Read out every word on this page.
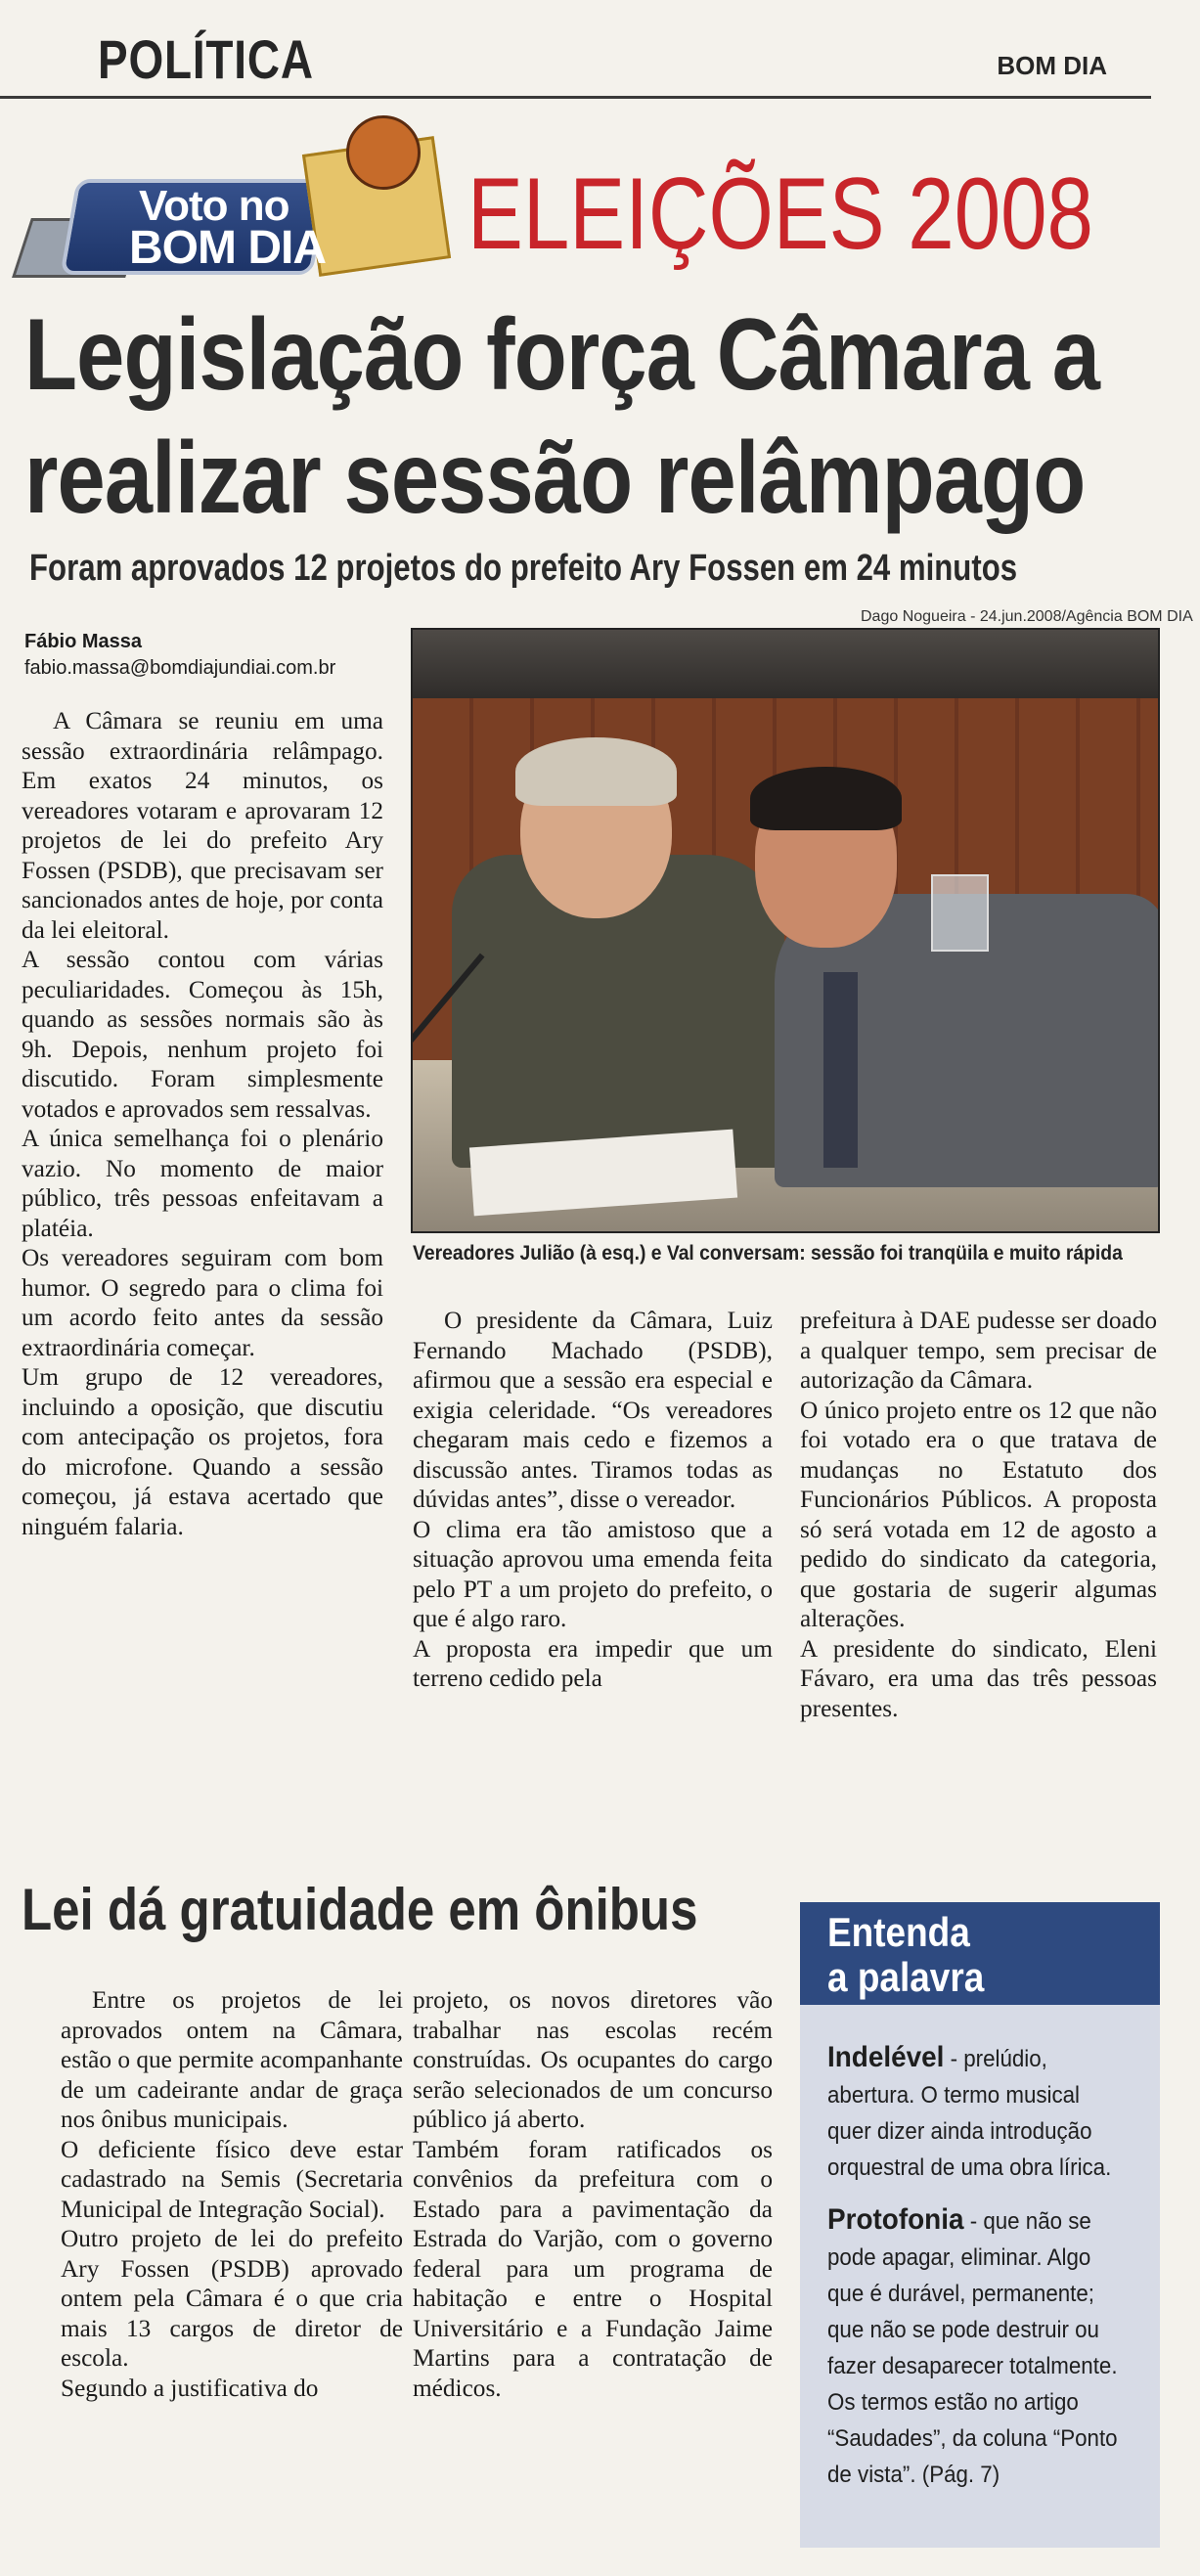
POLÍTICA	BOM DIA
Voto no
BOM DIA ELEIÇÕES 2008
Legislação força Câmara a realizar sessão relâmpago
Foram aprovados 12 projetos do prefeito Ary Fossen em 24 minutos
Dago Nogueira - 24.jun.2008/Agência BOM DIA
Fábio Massa
fabio.massa@bomdiajundiai.com.br
Vereadores Julião (à esq.) e Val conversam: sessão foi tranqüila e muito rápida

A Câmara se reuniu em uma sessão extraordinária relâmpago. Em exatos 24 minutos, os vereadores votaram e aprovaram 12 projetos de lei do prefeito Ary Fossen (PSDB), que precisavam ser sancionados antes de hoje, por conta da lei eleitoral.

A sessão contou com várias peculiaridades. Começou às 15h, quando as sessões normais são às 9h. Depois, nenhum projeto foi discutido. Foram simplesmente votados e aprovados sem ressalvas.

A única semelhança foi o plenário vazio. No momento de maior público, três pessoas enfeitavam a platéia.

Os vereadores seguiram com bom humor. O segredo para o clima foi um acordo feito antes da sessão extraordinária começar.

Um grupo de 12 vereadores, incluindo a oposição, que discutiu com antecipação os projetos, fora do microfone. Quando a sessão começou, já estava acertado que ninguém falaria.

O presidente da Câmara, Luiz Fernando Machado (PSDB), afirmou que a sessão era especial e exigia celeridade. “Os vereadores chegaram mais cedo e fizemos a discussão antes. Tiramos todas as dúvidas antes”, disse o vereador.

O clima era tão amistoso que a situação aprovou uma emenda feita pelo PT a um projeto do prefeito, o que é algo raro.

A proposta era impedir que um terreno cedido pela

prefeitura à DAE pudesse ser doado a qualquer tempo, sem precisar de autorização da Câmara.

O único projeto entre os 12 que não foi votado era o que tratava de mudanças no Estatuto dos Funcionários Públicos. A proposta só será votada em 12 de agosto a pedido do sindicato da categoria, que gostaria de sugerir algumas alterações.

A presidente do sindicato, Eleni Fávaro, era uma das três pessoas presentes.

Lei dá gratuidade em ônibus

Entre os projetos de lei aprovados ontem na Câmara, estão o que permite acompanhante de um cadeirante andar de graça nos ônibus municipais.

O deficiente físico deve estar cadastrado na Semis (Secretaria Municipal de Integração Social).

Outro projeto de lei do prefeito Ary Fossen (PSDB) aprovado ontem pela Câmara é o que cria mais 13 cargos de diretor de escola.

Segundo a justificativa do

projeto, os novos diretores vão trabalhar nas escolas recém construídas. Os ocupantes do cargo serão selecionados de um concurso público já aberto.

Também foram ratificados os convênios da prefeitura com o Estado para a pavimentação da Estrada do Varjão, com o governo federal para um programa de habitação e entre o Hospital Universitário e a Fundação Jaime Martins para a contratação de médicos.

Entenda
a palavra

Indelével - prelúdio, abertura. O termo musical quer dizer ainda introdução orquestral de uma obra lírica.

Protofonia - que não se pode apagar, eliminar. Algo que é durável, permanente; que não se pode destruir ou fazer desaparecer totalmente. Os termos estão no artigo “Saudades”, da coluna “Ponto de vista”. (Pág. 7)
